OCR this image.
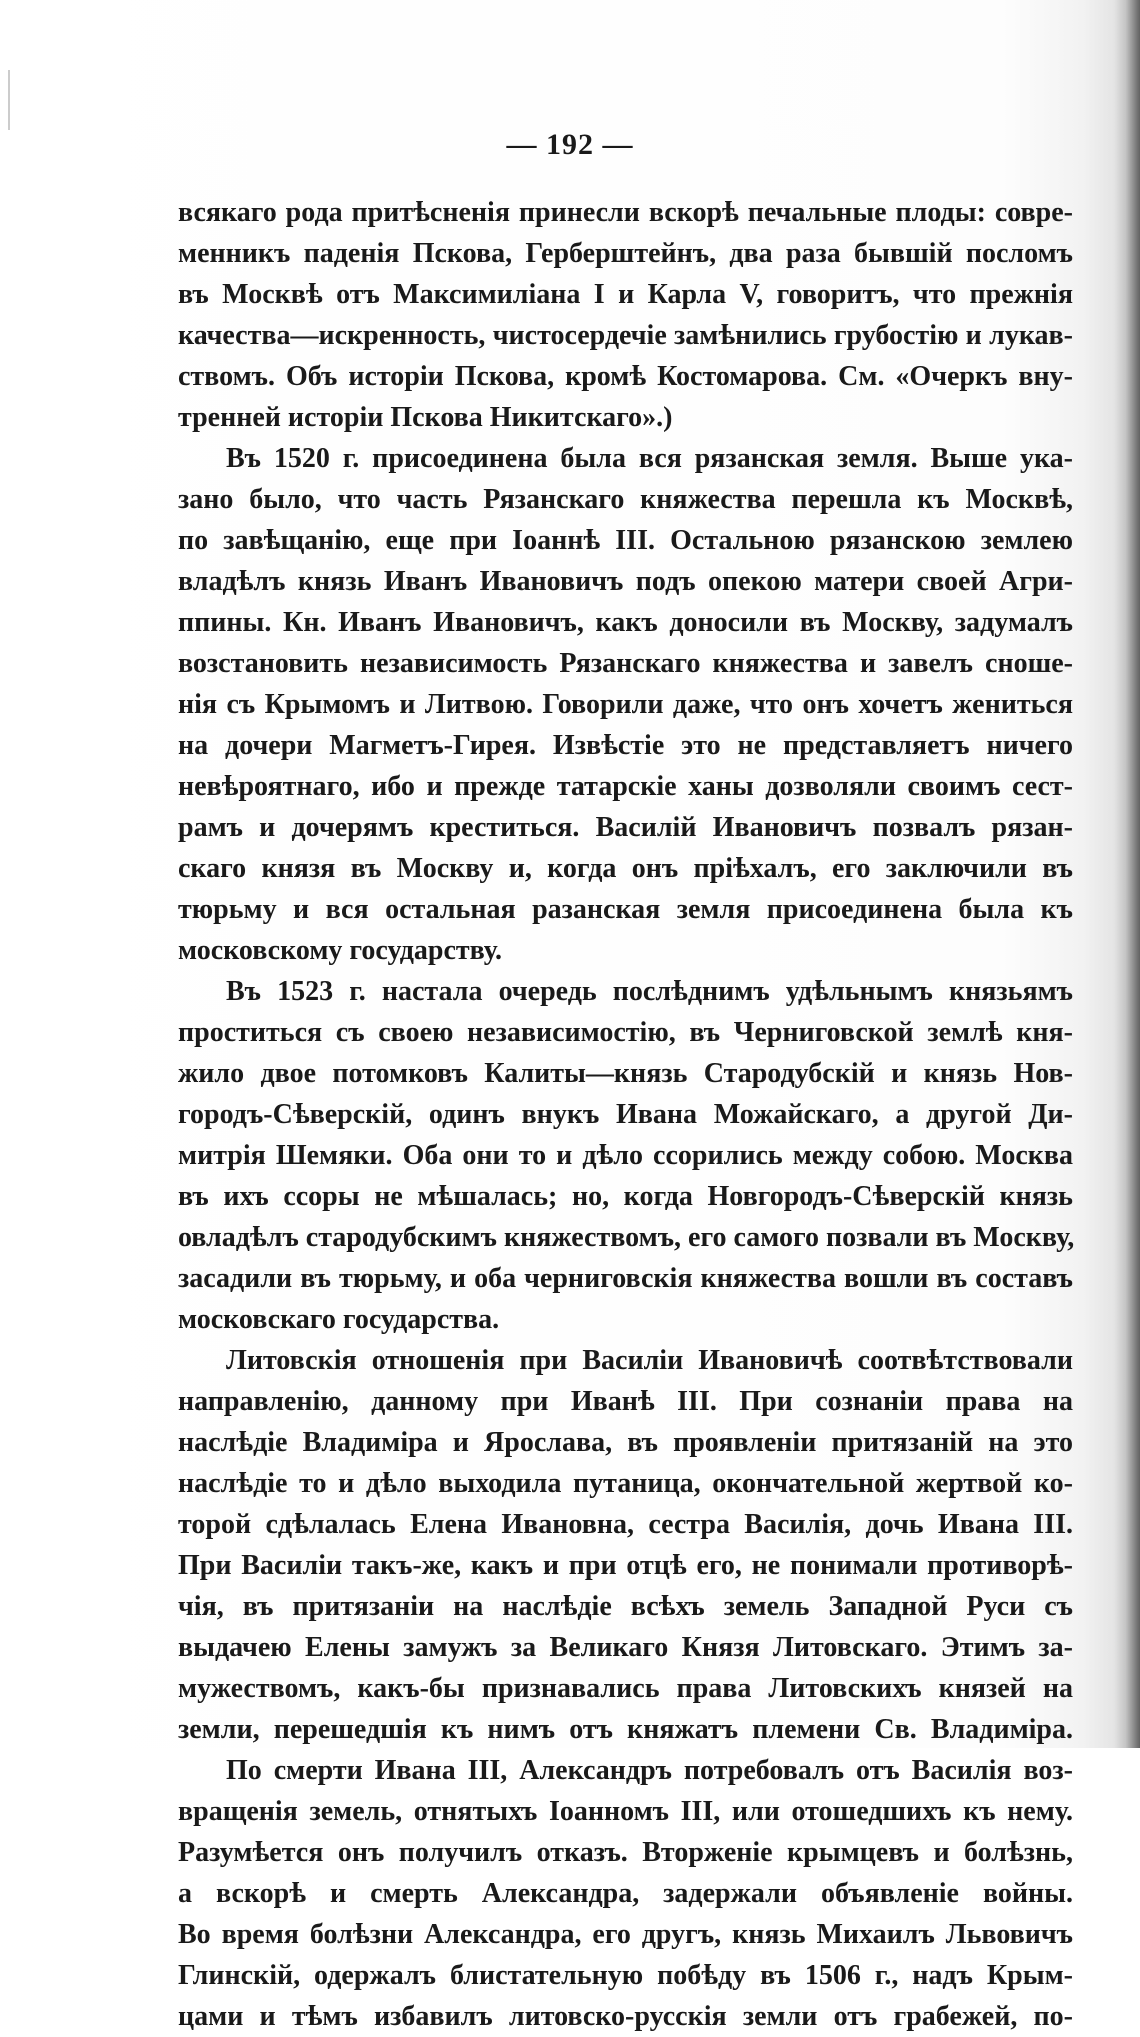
— 192 —
всякаго рода притѣсненія принесли вскорѣ печальные плоды: совре-
менникъ паденія Пскова, Герберштейнъ, два раза бывшій посломъ
въ Москвѣ отъ Максимиліана I и Карла V, говоритъ, что прежнія
качества—искренность, чистосердечіе замѣнились грубостію и лукав-
ствомъ. Объ исторіи Пскова, кромѣ Костомарова. См. «Очеркъ вну-
тренней исторіи Пскова Никитскаго».)
Въ 1520 г. присоединена была вся рязанская земля. Выше ука-
зано было, что часть Рязанскаго княжества перешла къ Москвѣ,
по завѣщанію, еще при Іоаннѣ III. Остальною рязанскою землею
владѣлъ князь Иванъ Ивановичъ подъ опекою матери своей Агри-
ппины. Кн. Иванъ Ивановичъ, какъ доносили въ Москву, задумалъ
возстановить независимость Рязанскаго княжества и завелъ сноше-
нія съ Крымомъ и Литвою. Говорили даже, что онъ хочетъ жениться
на дочери Магметъ-Гирея. Извѣстіе это не представляетъ ничего
невѣроятнаго, ибо и прежде татарскіе ханы дозволяли своимъ сест-
рамъ и дочерямъ креститься. Василій Ивановичъ позвалъ рязан-
скаго князя въ Москву и, когда онъ пріѣхалъ, его заключили въ
тюрьму и вся остальная разанская земля присоединена была къ
московскому государству.
Въ 1523 г. настала очередь послѣднимъ удѣльнымъ князьямъ
проститься съ своею независимостію, въ Черниговской землѣ кня-
жило двое потомковъ Калиты—князь Стародубскій и князь Нов-
городъ-Сѣверскій, одинъ внукъ Ивана Можайскаго, а другой Ди-
митрія Шемяки. Оба они то и дѣло ссорились между собою. Москва
въ ихъ ссоры не мѣшалась; но, когда Новгородъ-Сѣверскій князь
овладѣлъ стародубскимъ княжествомъ, его самого позвали въ Москву,
засадили въ тюрьму, и оба черниговскія княжества вошли въ составъ
московскаго государства.
Литовскія отношенія при Василіи Ивановичѣ соотвѣтствовали
направленію, данному при Иванѣ III. При сознаніи права на
наслѣдіе Владиміра и Ярослава, въ проявленіи притязаній на это
наслѣдіе то и дѣло выходила путаница, окончательной жертвой ко-
торой сдѣлалась Елена Ивановна, сестра Василія, дочь Ивана III.
При Василіи такъ-же, какъ и при отцѣ его, не понимали противорѣ-
чія, въ притязаніи на наслѣдіе всѣхъ земель Западной Руси съ
выдачею Елены замужъ за Великаго Князя Литовскаго. Этимъ за-
мужествомъ, какъ-бы признавались права Литовскихъ князей на
земли, перешедшія къ нимъ отъ княжатъ племени Св. Владиміра.
По смерти Ивана III, Александръ потребовалъ отъ Василія воз-
вращенія земель, отнятыхъ Іоанномъ III, или отошедшихъ къ нему.
Разумѣется онъ получилъ отказъ. Вторженіе крымцевъ и болѣзнь,
а вскорѣ и смерть Александра, задержали объявленіе войны.
Во время болѣзни Александра, его другъ, князь Михаилъ Львовичъ
Глинскій, одержалъ блистательную побѣду въ 1506 г., надъ Крым-
цами и тѣмъ избавилъ литовско-русскія земли отъ грабежей, по-
